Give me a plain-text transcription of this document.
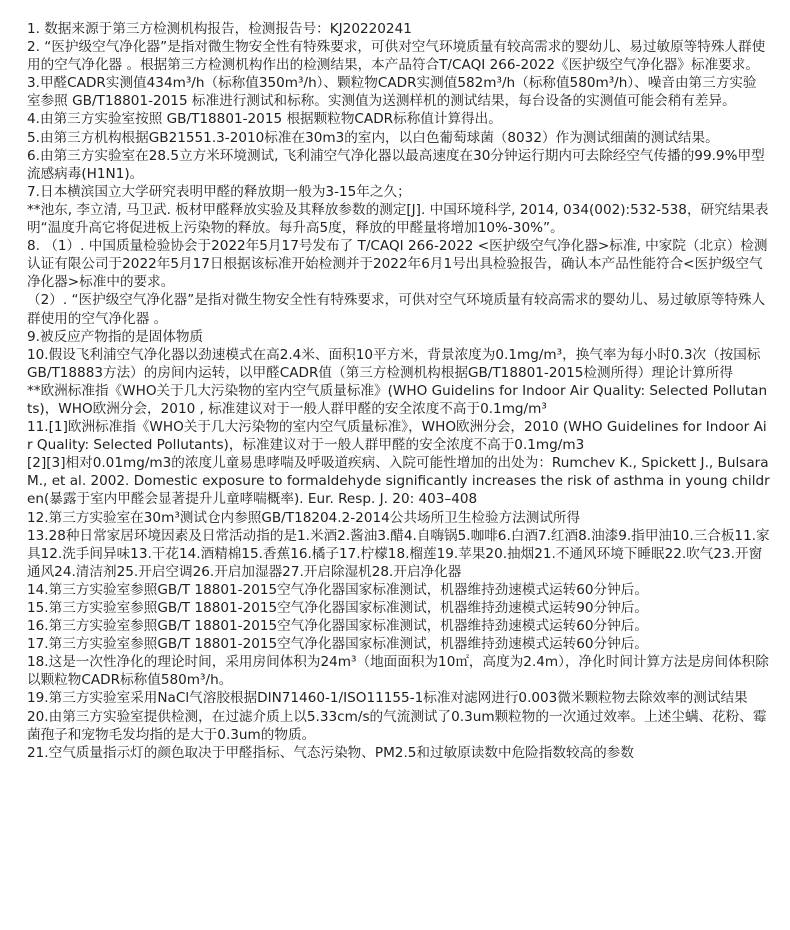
1. 数据来源于第三方检测机构报告，检测报告号：KJ20220241

2. “医护级空气净化器”是指对微生物安全性有特殊要求，可供对空气环境质量有较高需求的婴幼儿、易过敏原等特殊人群使用的空气净化器 。根据第三方检测机构作出的检测结果，本产品符合T/CAQI 266-2022《医护级空气净化器》标准要求。

3.甲醛CADR实测值434m³/h（标称值350m³/h）、颗粒物CADR实测值582m³/h（标称值580m³/h）、噪音由第三方实验室参照 GB/T18801-2015 标准进行测试和标称。实测值为送测样机的测试结果，每台设备的实测值可能会稍有差异。

4.由第三方实验室按照 GB/T18801-2015 根据颗粒物CADR标称值计算得出。

5.由第三方机构根据GB21551.3-2010标准在30m3的室内，以白色葡萄球菌（8032）作为测试细菌的测试结果。

6.由第三方实验室在28.5立方米环境测试, 飞利浦空气净化器以最高速度在30分钟运行期内可去除经空气传播的99.9%甲型流感病毒(H1N1)。

7.日本横滨国立大学研究表明甲醛的释放期一般为3-15年之久；

**池东, 李立清, 马卫武. 板材甲醛释放实验及其释放参数的测定[J]. 中国环境科学, 2014, 034(002):532-538，研究结果表明“温度升高它将促进板上污染物的释放。每升高5度，释放的甲醛量将增加10%-30%”。

8. （1）. 中国质量检验协会于2022年5月17号发布了 T/CAQI 266-2022 <医护级空气净化器>标准, 中家院（北京）检测认证有限公司于2022年5月17日根据该标准开始检测并于2022年6月1号出具检验报告，确认本产品性能符合<医护级空气净化器>标准中的要求。

（2）. “医护级空气净化器”是指对微生物安全性有特殊要求，可供对空气环境质量有较高需求的婴幼儿、易过敏原等特殊人群使用的空气净化器 。

9.被反应产物指的是固体物质

10.假设飞利浦空气净化器以劲速模式在高2.4米、面积10平方米，背景浓度为0.1mg/m³，换气率为每小时0.3次（按国标GB/T18883方法）的房间内运转，以甲醛CADR值（第三方检测机构根据GB/T18801-2015检测所得）理论计算所得

**欧洲标准指《WHO关于几大污染物的室内空气质量标准》(WHO Guidelins for Indoor Air Quality: Selected Pollutants)，WHO欧洲分会，2010 , 标准建议对于一般人群甲醛的安全浓度不高于0.1mg/m³

11.[1]欧洲标准指《WHO关于几大污染物的室内空气质量标准》，WHO欧洲分会，2010 (WHO Guidelines for Indoor Air Quality: Selected Pollutants)，标准建议对于一般人群甲醛的安全浓度不高于0.1mg/m3

[2][3]相对0.01mg/m3的浓度儿童易患哮喘及呼吸道疾病、入院可能性增加的出处为：Rumchev K., Spickett J., Bulsara M., et al. 2002. Domestic exposure to formaldehyde significantly increases the risk of asthma in young children(暴露于室内甲醛会显著提升儿童哮喘概率). Eur. Resp. J. 20: 403–408

12.第三方实验室在30m³测试仓内参照GB/T18204.2-2014公共场所卫生检验方法测试所得

13.28种日常家居环境因素及日常活动指的是1.米酒2.酱油3.醋4.自嗨锅5.咖啡6.白酒7.红酒8.油漆9.指甲油10.三合板11.家具12.洗手间异味13.干花14.酒精棉15.香蕉16.橘子17.柠檬18.榴莲19.苹果20.抽烟21.不通风环境下睡眠22.吹气23.开窗通风24.清洁剂25.开启空调26.开启加湿器27.开启除湿机28.开启净化器

14.第三方实验室参照GB/T 18801-2015空气净化器国家标准测试，机器维持劲速模式运转60分钟后。

15.第三方实验室参照GB/T 18801-2015空气净化器国家标准测试，机器维持劲速模式运转90分钟后。

16.第三方实验室参照GB/T 18801-2015空气净化器国家标准测试，机器维持劲速模式运转60分钟后。

17.第三方实验室参照GB/T 18801-2015空气净化器国家标准测试，机器维持劲速模式运转60分钟后。

18.这是一次性净化的理论时间，采用房间体积为24m³（地面面积为10㎡，高度为2.4m），净化时间计算方法是房间体积除以颗粒物CADR标称值580m³/h。

19.第三方实验室采用NaCl气溶胶根据DIN71460-1/ISO11155-1标准对滤网进行0.003微米颗粒物去除效率的测试结果

20.由第三方实验室提供检测，在过滤介质上以5.33cm/s的气流测试了0.3um颗粒物的一次通过效率。上述尘螨、花粉、霉菌孢子和宠物毛发均指的是大于0.3um的物质。

21.空气质量指示灯的颜色取决于甲醛指标、气态污染物、PM2.5和过敏原读数中危险指数较高的参数
